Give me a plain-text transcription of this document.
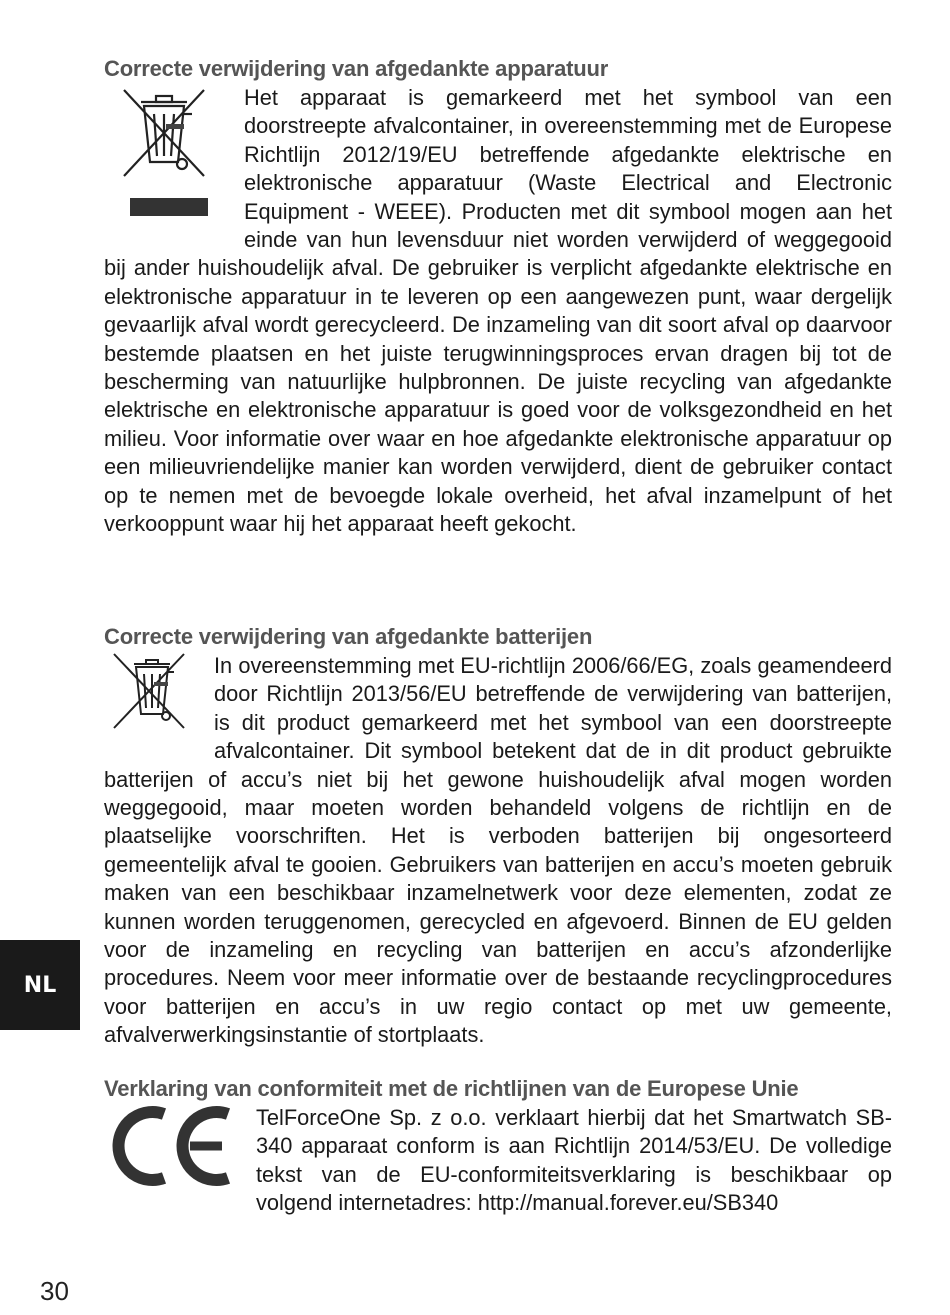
Correcte verwijdering van afgedankte apparatuur

Het apparaat is gemarkeerd met het symbool van een doorstreepte afvalcontainer, in overeenstemming met de Europese Richtlijn 2012/19/EU betreffende afgedankte elektrische en elektronische apparatuur (Waste Electrical and Electronic Equipment - WEEE). Producten met dit symbool mogen aan het einde van hun levensduur niet worden verwijderd of weggegooid bij ander huishoudelijk afval. De gebruiker is verplicht afgedankte elektrische en elektronische apparatuur in te leveren op een aangewezen punt, waar dergelijk gevaarlijk afval wordt gerecycleerd. De inzameling van dit soort afval op daarvoor bestemde plaatsen en het juiste terugwinningsproces ervan dragen bij tot de bescherming van natuurlijke hulpbronnen. De juiste recycling van afgedankte elektrische en elektronische apparatuur is goed voor de volksgezondheid en het milieu. Voor informatie over waar en hoe afgedankte elektronische apparatuur op een milieuvriendelijke manier kan worden verwijderd, dient de gebruiker contact op te nemen met de bevoegde lokale overheid, het afval inzamelpunt of het verkooppunt waar hij het apparaat heeft gekocht.

Correcte verwijdering van afgedankte batterijen

In overeenstemming met EU-richtlijn 2006/66/EG, zoals geamendeerd door Richtlijn 2013/56/EU betreffende de verwijdering van batterijen, is dit product gemarkeerd met het symbool van een doorstreepte afvalcontainer. Dit symbool betekent dat de in dit product gebruikte batterijen of accu’s niet bij het gewone huishoudelijk afval mogen worden weggegooid, maar moeten worden behandeld volgens de richtlijn en de plaatselijke voorschriften. Het is verboden batterijen bij ongesorteerd gemeentelijk afval te gooien. Gebruikers van batterijen en accu’s moeten gebruik maken van een beschikbaar inzamelnetwerk voor deze elementen, zodat ze kunnen worden teruggenomen, gerecycled en afgevoerd. Binnen de EU gelden voor de inzameling en recycling van batterijen en accu’s afzonderlijke procedures. Neem voor meer informatie over de bestaande recyclingprocedures voor batterijen en accu’s in uw regio contact op met uw gemeente, afvalverwerkingsinstantie of stortplaats.

Verklaring van conformiteit met de richtlijnen van de Europese Unie

TelForceOne Sp. z o.o. verklaart hierbij dat het Smartwatch SB-340 apparaat conform is aan Richtlijn 2014/53/EU. De volledige tekst van de EU-conformiteitsverklaring is beschikbaar op volgend internetadres: http://manual.forever.eu/SB340

NL
30
